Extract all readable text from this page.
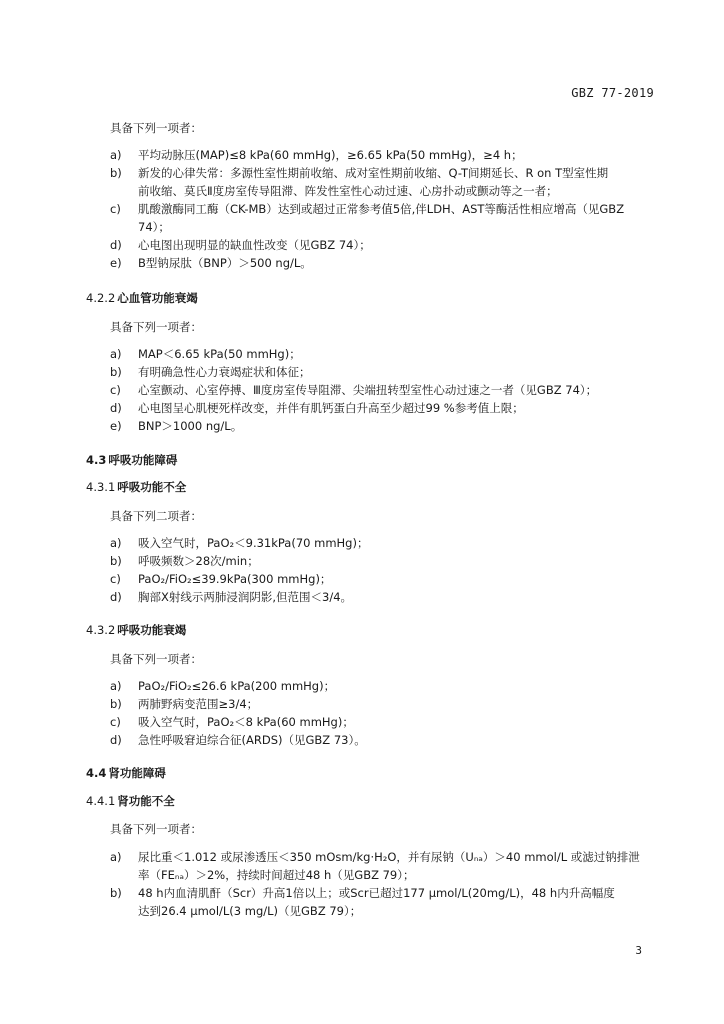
GBZ 77-2019
具备下列一项者：
a) 平均动脉压(MAP)≤8 kPa(60 mmHg)，≥6.65 kPa(50 mmHg)，≥4 h；
b) 新发的心律失常：多源性室性期前收缩、成对室性期前收缩、Q-T间期延长、R on T型室性期
前收缩、莫氏Ⅱ度房室传导阻滞、阵发性室性心动过速、心房扑动或颤动等之一者；
c) 肌酸激酶同工酶（CK-MB）达到或超过正常参考值5倍,伴LDH、AST等酶活性相应增高（见GBZ
74）；
d) 心电图出现明显的缺血性改变（见GBZ 74）；
e) B型钠尿肽（BNP）＞500 ng/L。
4.2.2 心血管功能衰竭
具备下列一项者：
a) MAP＜6.65 kPa(50 mmHg)；
b) 有明确急性心力衰竭症状和体征；
c) 心室颤动、心室停搏、Ⅲ度房室传导阻滞、尖端扭转型室性心动过速之一者（见GBZ 74）；
d) 心电图呈心肌梗死样改变，并伴有肌钙蛋白升高至少超过99 %参考值上限；
e) BNP＞1000 ng/L。
4.3 呼吸功能障碍
4.3.1 呼吸功能不全
具备下列二项者：
a) 吸入空气时，PaO₂＜9.31kPa(70 mmHg)；
b) 呼吸频数＞28次/min；
c) PaO₂/FiO₂≤39.9kPa(300 mmHg)；
d) 胸部X射线示两肺浸润阴影,但范围＜3/4。
4.3.2 呼吸功能衰竭
具备下列一项者：
a) PaO₂/FiO₂≤26.6 kPa(200 mmHg)；
b) 两肺野病变范围≥3/4；
c) 吸入空气时，PaO₂＜8 kPa(60 mmHg)；
d) 急性呼吸窘迫综合征(ARDS)（见GBZ 73）。
4.4 肾功能障碍
4.4.1 肾功能不全
具备下列一项者：
a) 尿比重＜1.012 或尿渗透压＜350 mOsm/kg·H₂O，并有尿钠（Uₙₐ）＞40 mmol/L 或滤过钠排泄
率（FEₙₐ）＞2%，持续时间超过48 h（见GBZ 79）；
b) 48 h内血清肌酐（Scr）升高1倍以上；或Scr已超过177 μmol/L(20mg/L)，48 h内升高幅度
达到26.4 μmol/L(3 mg/L)（见GBZ 79）；
3
